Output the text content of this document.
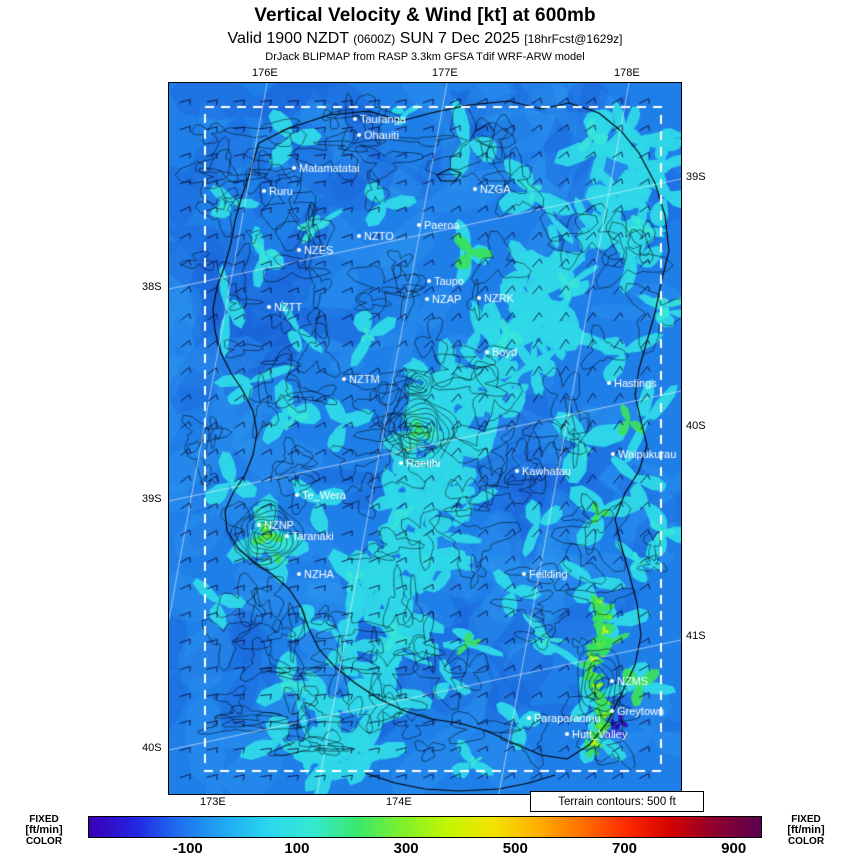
Vertical Velocity & Wind [kt] at 600mb
Valid 1900 NZDT (0600Z) SUN 7 Dec 2025 [18hrFcst@1629z]
DrJack BLIPMAP from RASP 3.3km GFSA Tdif WRF-ARW model
176E	177E	178E
173E	174E
38S
39S
40S
39S
40S
41S
Terrain contours: 500 ft
FIXED
[ft/min]
COLOR	-100	100	300	500	700	900
FIXED
[ft/min]
COLOR
